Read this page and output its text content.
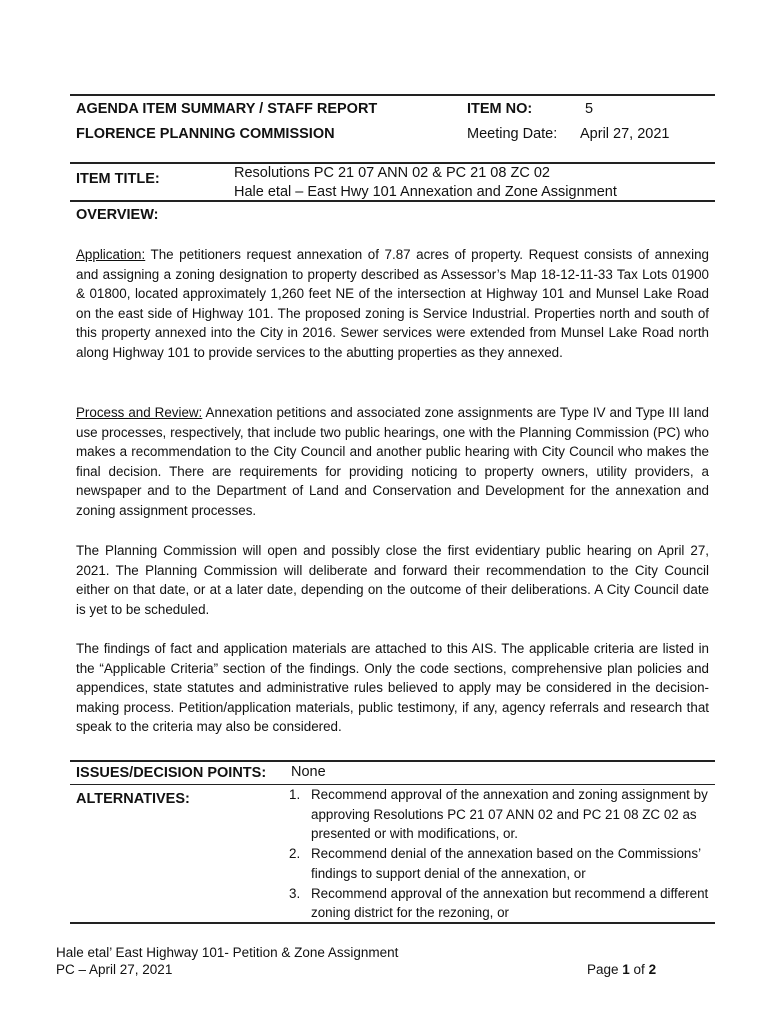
AGENDA ITEM SUMMARY / STAFF REPORT	ITEM NO:	5
FLORENCE PLANNING COMMISSION	Meeting Date: April 27, 2021
ITEM TITLE:	Resolutions PC 21 07 ANN 02 & PC 21 08 ZC 02
Hale etal – East Hwy 101 Annexation and Zone Assignment
OVERVIEW:

Application: The petitioners request annexation of 7.87 acres of property. Request consists of annexing and assigning a zoning designation to property described as Assessor’s Map 18-12-11-33 Tax Lots 01900 & 01800, located approximately 1,260 feet NE of the intersection at Highway 101 and Munsel Lake Road on the east side of Highway 101. The proposed zoning is Service Industrial. Properties north and south of this property annexed into the City in 2016. Sewer services were extended from Munsel Lake Road north along Highway 101 to provide services to the abutting properties as they annexed.

Process and Review: Annexation petitions and associated zone assignments are Type IV and Type III land use processes, respectively, that include two public hearings, one with the Planning Commission (PC) who makes a recommendation to the City Council and another public hearing with City Council who makes the final decision. There are requirements for providing noticing to property owners, utility providers, a newspaper and to the Department of Land and Conservation and Development for the annexation and zoning assignment processes.

The Planning Commission will open and possibly close the first evidentiary public hearing on April 27, 2021. The Planning Commission will deliberate and forward their recommendation to the City Council either on that date, or at a later date, depending on the outcome of their deliberations. A City Council date is yet to be scheduled.

The findings of fact and application materials are attached to this AIS. The applicable criteria are listed in the “Applicable Criteria” section of the findings. Only the code sections, comprehensive plan policies and appendices, state statutes and administrative rules believed to apply may be considered in the decision-making process. Petition/application materials, public testimony, if any, agency referrals and research that speak to the criteria may also be considered.

ISSUES/DECISION POINTS: None
ALTERNATIVES:	1. Recommend approval of the annexation and zoning assignment by approving Resolutions PC 21 07 ANN 02 and PC 21 08 ZC 02 as presented or with modifications, or.
2. Recommend denial of the annexation based on the Commissions’ findings to support denial of the annexation, or
3. Recommend approval of the annexation but recommend a different zoning district for the rezoning, or
Hale etal’ East Highway 101- Petition & Zone Assignment
PC – April 27, 2021	Page 1 of 2
